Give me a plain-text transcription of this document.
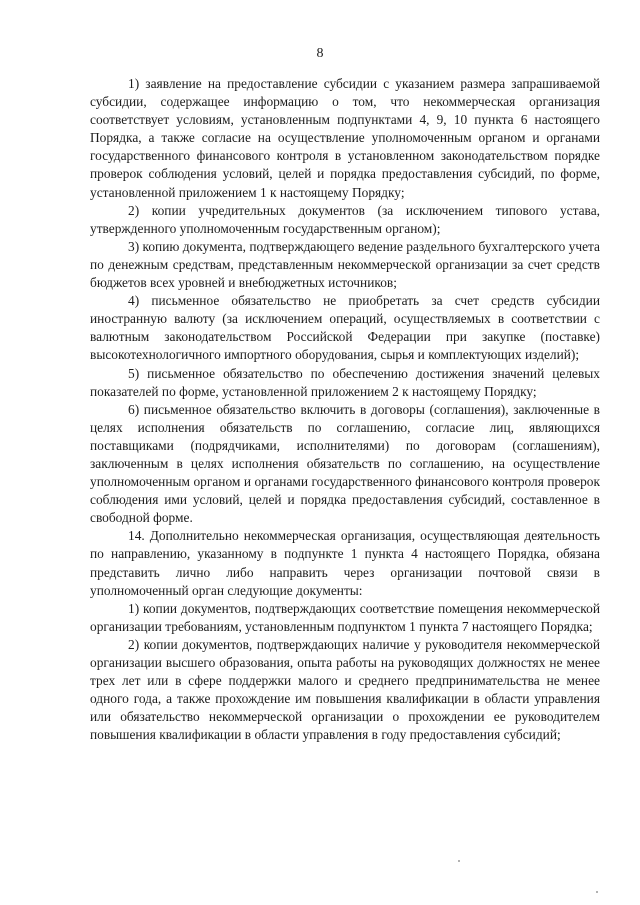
8

1) заявление на предоставление субсидии с указанием размера запрашиваемой субсидии, содержащее информацию о том, что некоммерческая организация соответствует условиям, установленным подпунктами 4, 9, 10 пункта 6 настоящего Порядка, а также согласие на осуществление уполномоченным органом и органами государственного финансового контроля в установленном законодательством порядке проверок соблюдения условий, целей и порядка предоставления субсидий, по форме, установленной приложением 1 к настоящему Порядку;

2) копии учредительных документов (за исключением типового устава, утвержденного уполномоченным государственным органом);

3) копию документа, подтверждающего ведение раздельного бухгалтерского учета по денежным средствам, представленным некоммерческой организации за счет средств бюджетов всех уровней и внебюджетных источников;

4) письменное обязательство не приобретать за счет средств субсидии иностранную валюту (за исключением операций, осуществляемых в соответствии с валютным законодательством Российской Федерации при закупке (поставке) высокотехнологичного импортного оборудования, сырья и комплектующих изделий);

5) письменное обязательство по обеспечению достижения значений целевых показателей по форме, установленной приложением 2 к настоящему Порядку;

6) письменное обязательство включить в договоры (соглашения), заключенные в целях исполнения обязательств по соглашению, согласие лиц, являющихся поставщиками (подрядчиками, исполнителями) по договорам (соглашениям), заключенным в целях исполнения обязательств по соглашению, на осуществление уполномоченным органом и органами государственного финансового контроля проверок соблюдения ими условий, целей и порядка предоставления субсидий, составленное в свободной форме.

14. Дополнительно некоммерческая организация, осуществляющая деятельность по направлению, указанному в подпункте 1 пункта 4 настоящего Порядка, обязана представить лично либо направить через организации почтовой связи в уполномоченный орган следующие документы:

1) копии документов, подтверждающих соответствие помещения некоммерческой организации требованиям, установленным подпунктом 1 пункта 7 настоящего Порядка;

2) копии документов, подтверждающих наличие у руководителя некоммерческой организации высшего образования, опыта работы на руководящих должностях не менее трех лет или в сфере поддержки малого и среднего предпринимательства не менее одного года, а также прохождение им повышения квалификации в области управления или обязательство некоммерческой организации о прохождении ее руководителем повышения квалификации в области управления в году предоставления субсидий;
